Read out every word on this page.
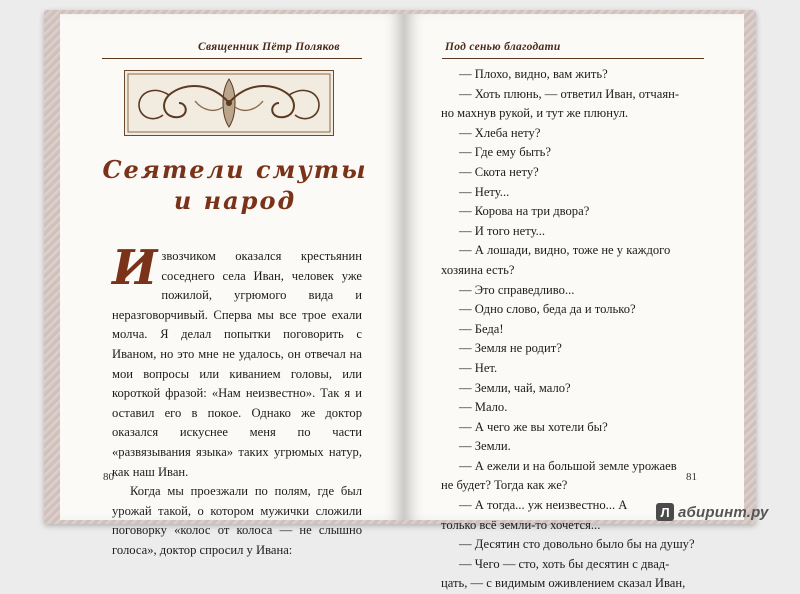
Священник Пётр Поляков
Сеятели смуты
и народ

Извозчиком оказался крестьянин соседнего села Иван, человек уже пожилой, угрюмого вида и неразговорчивый. Сперва мы все трое ехали молча. Я делал попытки поговорить с Иваном, но это мне не удалось, он отвечал на мои вопросы или киванием головы, или короткой фразой: «Нам неизвестно». Так я и оставил его в покое. Однако же доктор оказался искуснее меня по части «развязывания языка» таких угрюмых натур, как наш Иван.

Когда мы проезжали по полям, где был урожай такой, о котором мужички сложили поговорку «колос от колоса — не слышно голоса», доктор спросил у Ивана:

80
Под сенью благодати
— Плохо, видно, вам жить?
— Хоть плюнь, — ответил Иван, отчаян-
но махнув рукой, и тут же плюнул.
— Хлеба нету?
— Где ему быть?
— Скота нету?
— Нету...
— Корова на три двора?
— И того нету...
— А лошади, видно, тоже не у каждого
хозяина есть?
— Это справедливо...
— Одно слово, беда да и только?
— Беда!
— Земля не родит?
— Нет.
— Земли, чай, мало?
— Мало.
— А чего же вы хотели бы?
— Земли.
— А ежели и на большой земле урожаев
не будет? Тогда как же?
— А тогда... уж неизвестно... А
только всё земли-то хочется...
— Десятин сто довольно было бы на душу?
— Чего — сто, хоть бы десятин с двад-
цать, — с видимым оживлением сказал Иван,
81
Л абиринт.ру
